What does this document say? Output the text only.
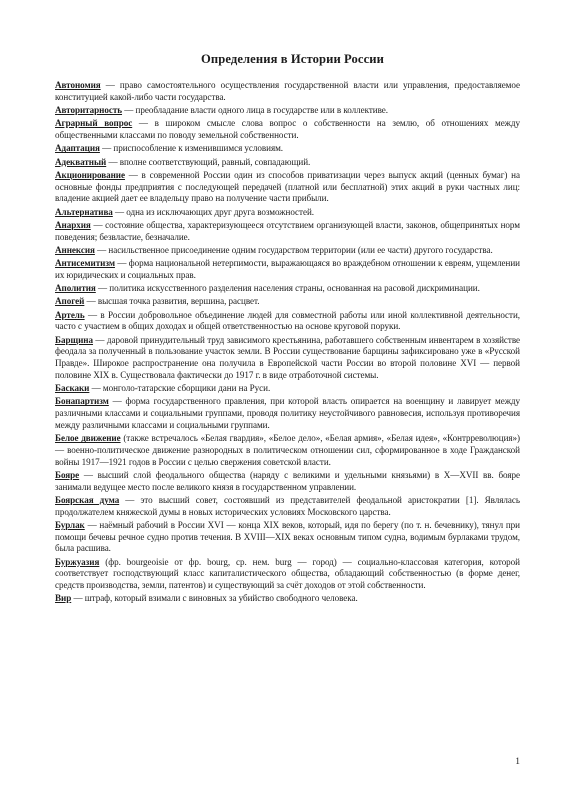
Определения в Истории России

Автономия — право самостоятельного осуществления государственной власти или управления, предоставляемое конституцией какой-либо части государства.

Авторитарность — преобладание власти одного лица в государстве или в коллективе.

Аграрный вопрос — в широком смысле слова вопрос о собственности на землю, об отношениях между общественными классами по поводу земельной собственности.

Адаптация — приспособление к изменившимся условиям.

Адекватный — вполне соответствующий, равный, совпадающий.

Акционирование — в современной России один из способов приватизации через выпуск акций (ценных бумаг) на основные фонды предприятия с последующей передачей (платной или бесплатной) этих акций в руки частных лиц: владение акцией дает ее владельцу право на получение части прибыли.

Альтернатива — одна из исключающих друг друга возможностей.

Анархия — состояние общества, характеризующееся отсутствием организующей власти, законов, общепринятых норм поведения; безвластие, безначалие.

Аннексия — насильственное присоединение одним государством территории (или ее части) другого государства.

Антисемитизм — форма национальной нетерпимости, выражающаяся во враждебном отношении к евреям, ущемлении их юридических и социальных прав.

Аполития — политика искусственного разделения населения страны, основанная на расовой дискриминации.

Апогей — высшая точка развития, вершина, расцвет.

Артель — в России добровольное объединение людей для совместной работы или иной коллективной деятельности, часто с участием в общих доходах и общей ответственностью на основе круговой поруки.

Барщина — даровой принудительный труд зависимого крестьянина, работавшего собственным инвентарем в хозяйстве феодала за полученный в пользование участок земли. В России существование барщины зафиксировано уже в «Русской Правде». Широкое распространение она получила в Европейской части России во второй половине XVI — первой половине XIX в. Существовала фактически до 1917 г. в виде отработочной системы.

Баскаки — монголо-татарские сборщики дани на Руси.

Бонапартизм — форма государственного правления, при которой власть опирается на военщину и лавирует между различными классами и социальными группами, проводя политику неустойчивого равновесия, используя противоречия между различными классами и социальными группами.

Белое движение (также встречалось «Белая гвардия», «Белое дело», «Белая армия», «Белая идея», «Контрреволюция») — военно-политическое движение разнородных в политическом отношении сил, сформированное в ходе Гражданской войны 1917—1921 годов в России с целью свержения советской власти.

Бояре — высший слой феодального общества (наряду с великими и удельными князьями) в X—XVII вв. бояре занимали ведущее место после великого князя в государственном управлении.

Боярская дума — это высший совет, состоявший из представителей феодальной аристократии [1]. Являлась продолжателем княжеской думы в новых исторических условиях Московского царства.

Бурлак — наёмный рабочий в России XVI — конца XIX веков, который, идя по берегу (по т. н. бечевнику), тянул при помощи бечевы речное судно против течения. В XVIII—XIX веках основным типом судна, водимым бурлаками трудом, была расшива.

Буржуазия (фр. bourgeoisie от фр. bourg, ср. нем. burg — город) — социально-классовая категория, которой соответствует господствующий класс капиталистического общества, обладающий собственностью (в форме денег, средств производства, земли, патентов) и существующий за счёт доходов от этой собственности.

Вир — штраф, который взимали с виновных за убийство свободного человека.

1
